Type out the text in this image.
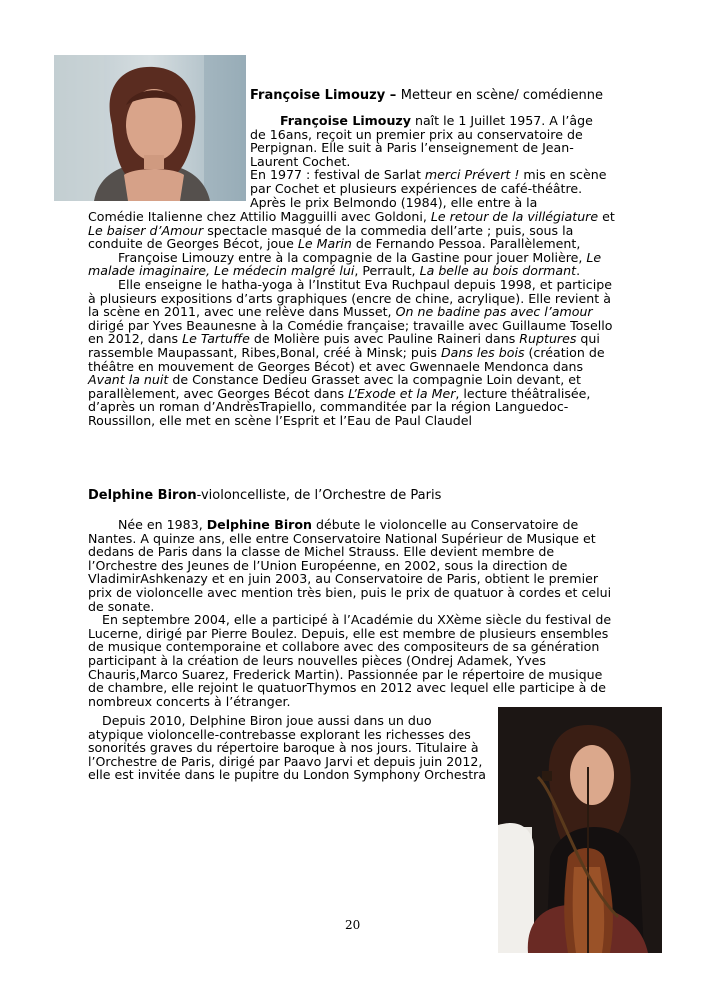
Françoise Limouzy – Metteur en scène/ comédienne

Françoise Limouzy naît le 1 Juillet 1957. A l’âge de 16ans, reçoit un premier prix au conservatoire de Perpignan. Elle suit à Paris l’enseignement de Jean-Laurent Cochet.

En 1977 : festival de Sarlat merci Prévert ! mis en scène par Cochet et plusieurs expériences de café-théâtre. Après le prix Belmondo (1984), elle entre à la

Comédie Italienne chez Attilio Magguilli avec Goldoni, Le retour de la villégiature et Le baiser d’Amour spectacle masqué de la commedia dell’arte ; puis, sous la conduite de Georges Bécot, joue Le Marin de Fernando Pessoa. Parallèlement,

Françoise Limouzy entre à la compagnie de la Gastine pour jouer Molière, Le malade imaginaire, Le médecin malgré lui, Perrault, La belle au bois dormant.

Elle enseigne le hatha-yoga à l’Institut Eva Ruchpaul depuis 1998, et participe à plusieurs expositions d’arts graphiques (encre de chine, acrylique). Elle revient à la scène en 2011, avec une relève dans Musset, On ne badine pas avec l’amour dirigé par Yves Beaunesne à la Comédie française; travaille avec Guillaume Tosello en 2012, dans Le Tartuffe de Molière puis avec Pauline Raineri dans Ruptures qui rassemble Maupassant, Ribes,Bonal, créé à Minsk; puis Dans les bois (création de théâtre en mouvement de Georges Bécot) et avec Gwennaele Mendonca dans Avant la nuit de Constance Dedieu Grasset avec la compagnie Loin devant, et parallèlement, avec Georges Bécot dans L’Exode et la Mer, lecture théâtralisée, d’après un roman d’AndrèsTrapiello, commanditée par la région Languedoc-Roussillon, elle met en scène l’Esprit et l’Eau de Paul Claudel

Delphine Biron-violoncelliste, de l’Orchestre de Paris

Née en 1983, Delphine Biron débute le violoncelle au Conservatoire de Nantes. A quinze ans, elle entre Conservatoire National Supérieur de Musique et dedans de Paris dans la classe de Michel Strauss. Elle devient membre de l’Orchestre des Jeunes de l’Union Européenne, en 2002, sous la direction de VladimirAshkenazy et en juin 2003, au Conservatoire de Paris, obtient le premier prix de violoncelle avec mention très bien, puis le prix de quatuor à cordes et celui de sonate.

En septembre 2004, elle a participé à l’Académie du XXème siècle du festival de Lucerne, dirigé par Pierre Boulez. Depuis, elle est membre de plusieurs ensembles de musique contemporaine et collabore avec des compositeurs de sa génération participant à la création de leurs nouvelles pièces (Ondrej Adamek, Yves Chauris,Marco Suarez, Frederick Martin). Passionnée par le répertoire de musique de chambre, elle rejoint le quatuorThymos en 2012 avec lequel elle participe à de nombreux concerts à l’étranger.

Depuis 2010, Delphine Biron joue aussi dans un duo atypique violoncelle-contrebasse explorant les richesses des sonorités graves du répertoire baroque à nos jours. Titulaire à l’Orchestre de Paris, dirigé par Paavo Jarvi et depuis juin 2012, elle est invitée dans le pupitre du London Symphony Orchestra

20
